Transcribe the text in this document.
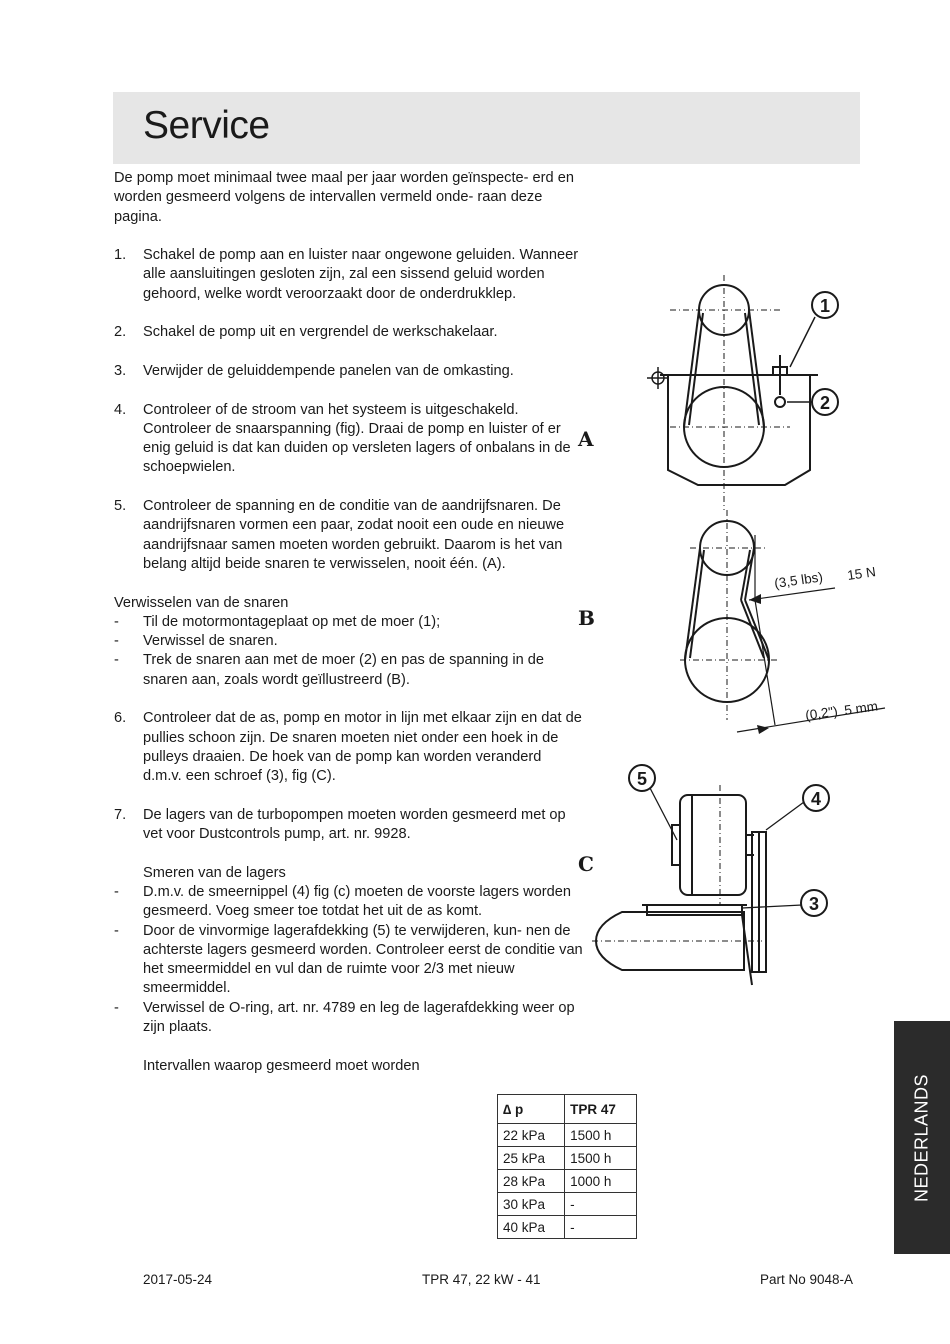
Service

De pomp moet minimaal twee maal per jaar worden geïnspecte- erd en worden gesmeerd volgens de intervallen vermeld onde- raan deze pagina.

1.	Schakel de pomp aan en luister naar ongewone geluiden. Wanneer alle aansluitingen gesloten zijn, zal een sissend geluid worden gehoord, welke wordt veroorzaakt door de onderdrukklep.
2.	Schakel de pomp uit en vergrendel de werkschakelaar.
3.	Verwijder de geluiddempende panelen van de omkasting.
4.	Controleer of de stroom van het systeem is uitgeschakeld. Controleer de snaarspanning (fig). Draai de pomp en luister of er enig geluid is dat kan duiden op versleten lagers of onbalans in de schoepwielen.
5.	Controleer de spanning en de conditie van de aandrijfsnaren. De aandrijfsnaren vormen een paar, zodat nooit een oude en nieuwe aandrijfsnaar samen moeten worden gebruikt. Daarom is het van belang altijd beide snaren te verwisselen, nooit één. (A).

Verwisselen van de snaren

-	Til de motormontageplaat op met de moer (1);
-	Verwissel de snaren.
-	Trek de snaren aan met de moer (2) en pas de spanning in de snaren aan, zoals wordt geïllustreerd (B).
6.	Controleer dat de as, pomp en motor in lijn met elkaar zijn en dat de pullies schoon zijn. De snaren moeten niet onder een hoek in de pulleys draaien. De hoek van de pomp kan worden veranderd d.m.v. een schroef (3), fig (C).
7.	De lagers van de turbopompen moeten worden gesmeerd met op vet voor Dustcontrols pump, art. nr. 9928.

Smeren van de lagers

-	D.m.v. de smeernippel (4) fig (c) moeten de voorste lagers worden gesmeerd. Voeg smeer toe totdat het uit de as komt.
-	Door de vinvormige lagerafdekking (5) te verwijderen, kun- nen de achterste lagers gesmeerd worden. Controleer eerst de conditie van het smeermiddel en vul dan de ruimte voor 2/3 met nieuw smeermiddel.
-	Verwissel de O-ring, art. nr. 4789 en leg de lagerafdekking weer op zijn plaats.

Intervallen waarop gesmeerd moet worden

A
1
2
B
(3,5 lbs) 15 N
(0,2") 5 mm
C
5
4
3
∆ p	TPR 47
22 kPa	1500 h
25 kPa	1500 h
28 kPa	1000 h
30 kPa	-
40 kPa	-
NEDERLANDS
2017-05-24	TPR 47, 22 kW - 41	Part No 9048-A
